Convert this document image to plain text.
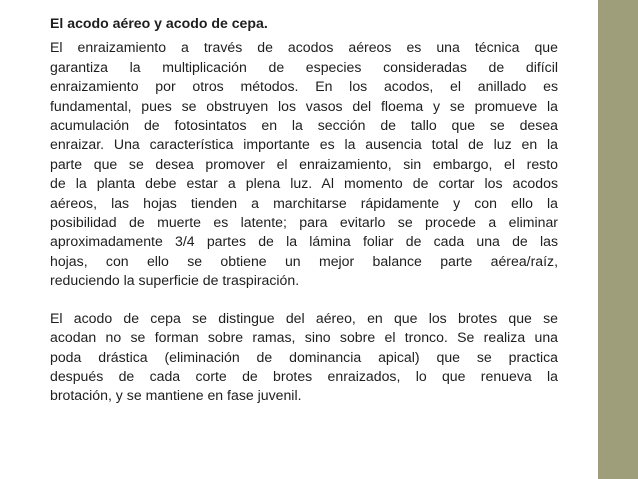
El acodo aéreo y acodo de cepa.
El enraizamiento a través de acodos aéreos es una técnica que
garantiza la multiplicación de especies consideradas de difícil
enraizamiento por otros métodos. En los acodos, el anillado es
fundamental, pues se obstruyen los vasos del floema y se promueve la
acumulación de fotosintatos en la sección de tallo que se desea
enraizar. Una característica importante es la ausencia total de luz en la
parte que se desea promover el enraizamiento, sin embargo, el resto
de la planta debe estar a plena luz. Al momento de cortar los acodos
aéreos, las hojas tienden a marchitarse rápidamente y con ello la
posibilidad de muerte es latente; para evitarlo se procede a eliminar
aproximadamente 3/4 partes de la lámina foliar de cada una de las
hojas, con ello se obtiene un mejor balance parte aérea/raíz,
reduciendo la superficie de traspiración.
El acodo de cepa se distingue del aéreo, en que los brotes que se
acodan no se forman sobre ramas, sino sobre el tronco. Se realiza una
poda drástica (eliminación de dominancia apical) que se practica
después de cada corte de brotes enraizados, lo que renueva la
brotación, y se mantiene en fase juvenil.
